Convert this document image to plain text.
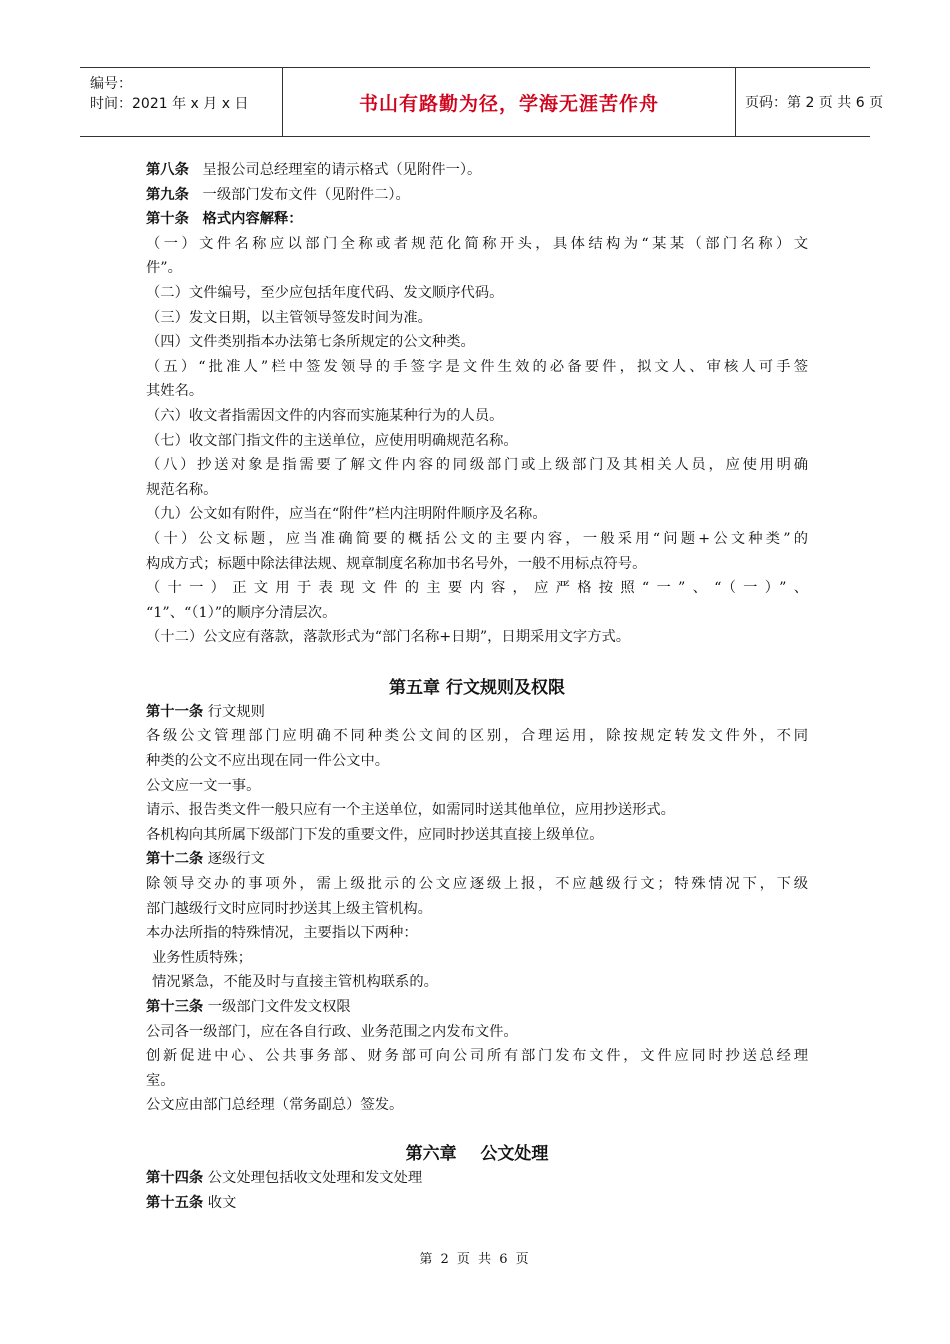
编号：
时间：2021 年 x 月 x 日	书山有路勤为径，学海无涯苦作舟	页码：第 2 页 共 6 页
第八条 呈报公司总经理室的请示格式（见附件一）。
第九条 一级部门发布文件（见附件二）。
第十条 格式内容解释：
（一）文件名称应以部门全称或者规范化简称开头，具体结构为“某某（部门名称）文
件”。
（二）文件编号，至少应包括年度代码、发文顺序代码。
（三）发文日期，以主管领导签发时间为准。
（四）文件类别指本办法第七条所规定的公文种类。
（五）“批准人”栏中签发领导的手签字是文件生效的必备要件，拟文人、审核人可手签
其姓名。
（六）收文者指需因文件的内容而实施某种行为的人员。
（七）收文部门指文件的主送单位，应使用明确规范名称。
（八）抄送对象是指需要了解文件内容的同级部门或上级部门及其相关人员，应使用明确
规范名称。
（九）公文如有附件，应当在“附件”栏内注明附件顺序及名称。
（十）公文标题，应当准确简要的概括公文的主要内容，一般采用“问题+公文种类”的
构成方式；标题中除法律法规、规章制度名称加书名号外，一般不用标点符号。
（十一）正文用于表现文件的主要内容，应严格按照“一”、“（一）”、
“1”、“（1）”的顺序分清层次。
（十二）公文应有落款，落款形式为“部门名称+日期”，日期采用文字方式。
第五章 行文规则及权限
第十一条 行文规则
各级公文管理部门应明确不同种类公文间的区别，合理运用，除按规定转发文件外，不同
种类的公文不应出现在同一件公文中。
公文应一文一事。
请示、报告类文件一般只应有一个主送单位，如需同时送其他单位，应用抄送形式。
各机构向其所属下级部门下发的重要文件，应同时抄送其直接上级单位。
第十二条 逐级行文
除领导交办的事项外，需上级批示的公文应逐级上报，不应越级行文；特殊情况下，下级
部门越级行文时应同时抄送其上级主管机构。
本办法所指的特殊情况，主要指以下两种：
业务性质特殊；
情况紧急，不能及时与直接主管机构联系的。
第十三条 一级部门文件发文权限
公司各一级部门，应在各自行政、业务范围之内发布文件。
创新促进中心、公共事务部、财务部可向公司所有部门发布文件，文件应同时抄送总经理
室。
公文应由部门总经理（常务副总）签发。
第六章    公文处理
第十四条 公文处理包括收文处理和发文处理
第十五条 收文
第 2 页 共 6 页
